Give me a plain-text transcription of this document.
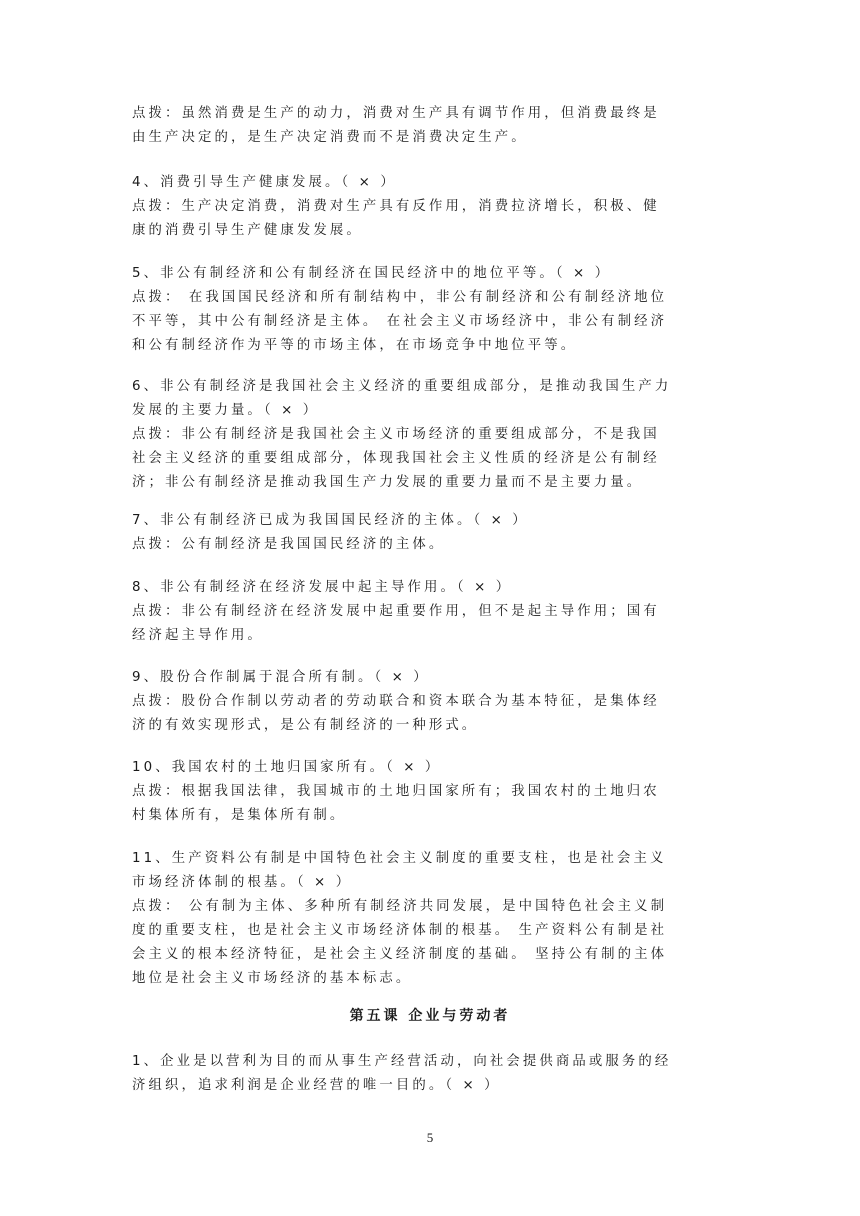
点拨：虽然消费是生产的动力，消费对生产具有调节作用，但消费最终是
由生产决定的，是生产决定消费而不是消费决定生产。
4、消费引导生产健康发展。（ × ）
点拨：生产决定消费，消费对生产具有反作用，消费拉济增长，积极、健
康的消费引导生产健康发发展。
5、非公有制经济和公有制经济在国民经济中的地位平等。（ × ）
点拨： 在我国国民经济和所有制结构中，非公有制经济和公有制经济地位
不平等，其中公有制经济是主体。 在社会主义市场经济中，非公有制经济
和公有制经济作为平等的市场主体，在市场竞争中地位平等。
6、非公有制经济是我国社会主义经济的重要组成部分，是推动我国生产力
发展的主要力量。（ × ）
点拨：非公有制经济是我国社会主义市场经济的重要组成部分，不是我国
社会主义经济的重要组成部分，体现我国社会主义性质的经济是公有制经
济；非公有制经济是推动我国生产力发展的重要力量而不是主要力量。
7、非公有制经济已成为我国国民经济的主体。（ × ）
点拨：公有制经济是我国国民经济的主体。
8、非公有制经济在经济发展中起主导作用。（ × ）
点拨：非公有制经济在经济发展中起重要作用，但不是起主导作用；国有
经济起主导作用。
9、股份合作制属于混合所有制。（ × ）
点拨：股份合作制以劳动者的劳动联合和资本联合为基本特征，是集体经
济的有效实现形式，是公有制经济的一种形式。
10、我国农村的土地归国家所有。（ × ）
点拨：根据我国法律，我国城市的土地归国家所有；我国农村的土地归农
村集体所有，是集体所有制。
11、生产资料公有制是中国特色社会主义制度的重要支柱，也是社会主义
市场经济体制的根基。（ × ）
点拨： 公有制为主体、多种所有制经济共同发展，是中国特色社会主义制
度的重要支柱，也是社会主义市场经济体制的根基。 生产资料公有制是社
会主义的根本经济特征，是社会主义经济制度的基础。 坚持公有制的主体
地位是社会主义市场经济的基本标志。
第五课 企业与劳动者
1、企业是以营利为目的而从事生产经营活动，向社会提供商品或服务的经
济组织，追求利润是企业经营的唯一目的。（ × ）
5
